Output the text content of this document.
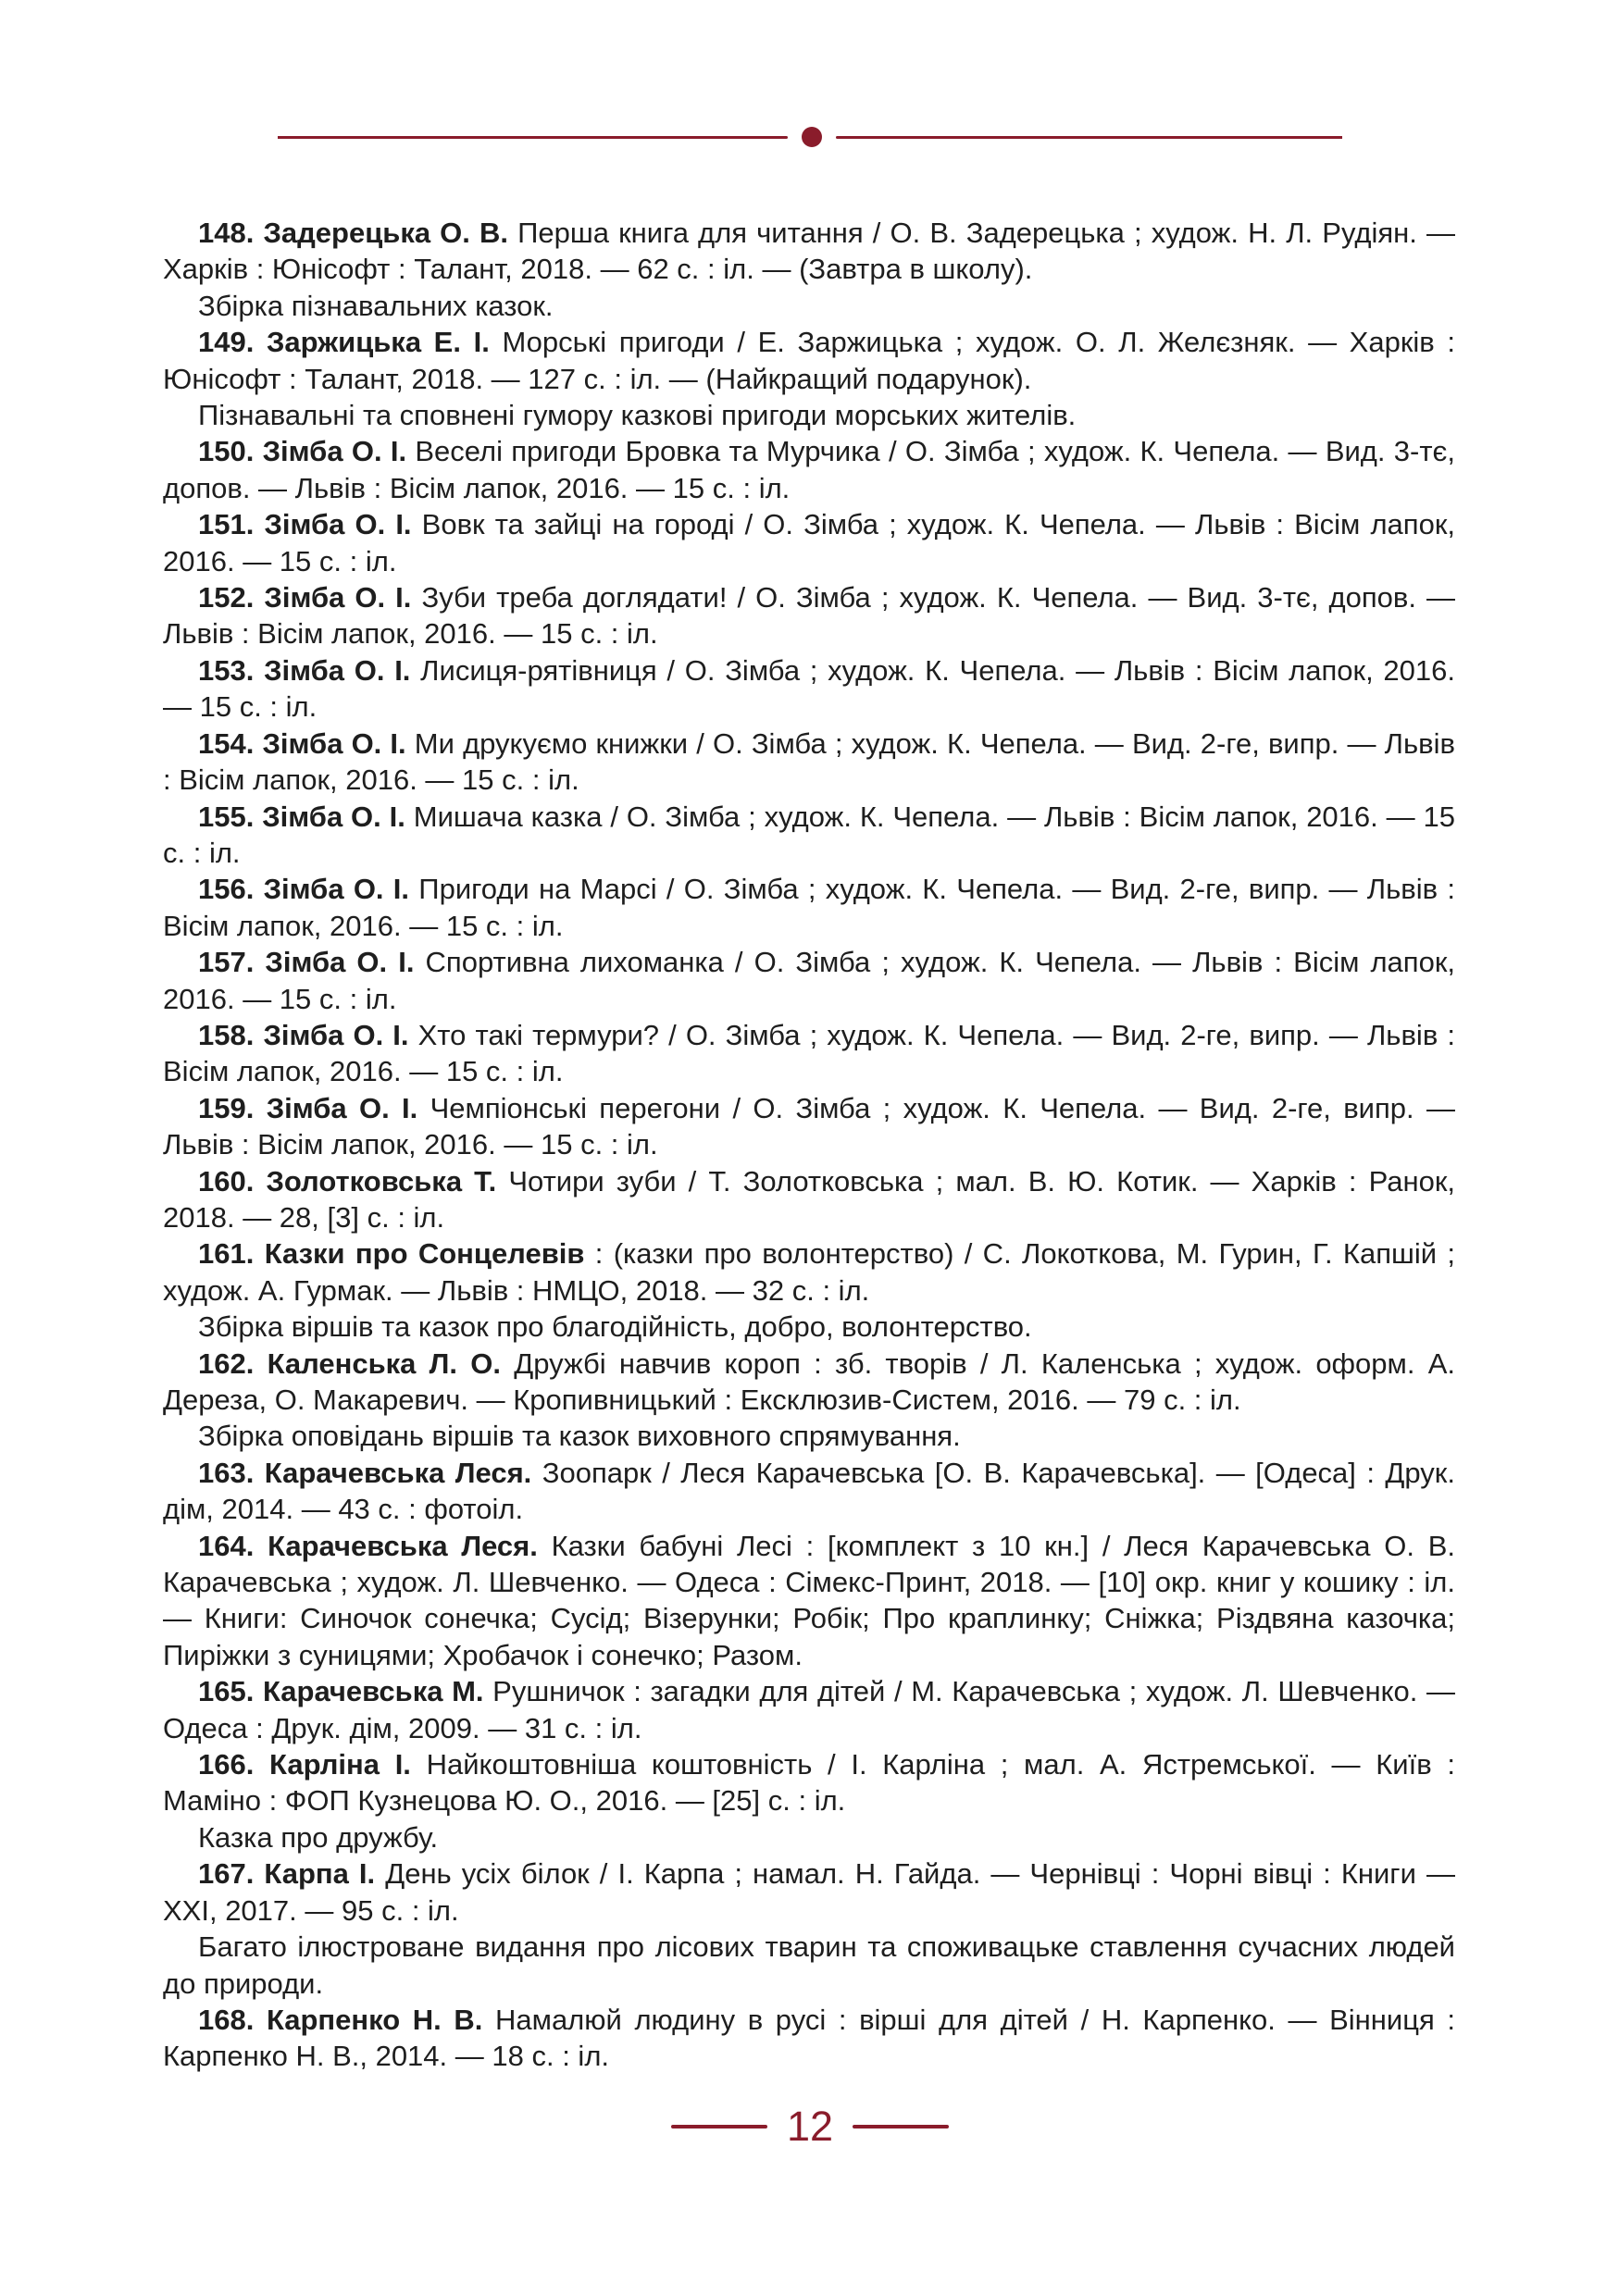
148. Задерецька О. В. Перша книга для читання / О. В. Задерецька ; худож. Н. Л. Рудіян. — Харків : Юнісофт : Талант, 2018. — 62 с. : іл. — (Завтра в школу).

Збірка пізнавальних казок.

149. Заржицька Е. І. Морські пригоди / Е. Заржицька ; худож. О. Л. Желєзняк. — Харків : Юнісофт : Талант, 2018. — 127 с. : іл. — (Найкращий подарунок).

Пізнавальні та сповнені гумору казкові пригоди морських жителів.

150. Зімба О. І. Веселі пригоди Бровка та Мурчика / О. Зімба ; худож. К. Чепела. — Вид. 3-тє, допов. — Львів : Вісім лапок, 2016. — 15 с. : іл.

151. Зімба О. І. Вовк та зайці на городі / О. Зімба ; худож. К. Чепела. — Львів : Вісім лапок, 2016. — 15 с. : іл.

152. Зімба О. І. Зуби треба доглядати! / О. Зімба ; худож. К. Чепела. — Вид. 3-тє, допов. — Львів : Вісім лапок, 2016. — 15 с. : іл.

153. Зімба О. І. Лисиця-рятівниця / О. Зімба ; худож. К. Чепела. — Львів : Вісім лапок, 2016. — 15 с. : іл.

154. Зімба О. І. Ми друкуємо книжки / О. Зімба ; худож. К. Чепела. — Вид. 2-ге, випр. — Львів : Вісім лапок, 2016. — 15 с. : іл.

155. Зімба О. І. Мишача казка / О. Зімба ; худож. К. Чепела. — Львів : Вісім лапок, 2016. — 15 с. : іл.

156. Зімба О. І. Пригоди на Марсі / О. Зімба ; худож. К. Чепела. — Вид. 2-ге, випр. — Львів : Вісім лапок, 2016. — 15 с. : іл.

157. Зімба О. І. Спортивна лихоманка / О. Зімба ; худож. К. Чепела. — Львів : Вісім лапок, 2016. — 15 с. : іл.

158. Зімба О. І. Хто такі термури? / О. Зімба ; худож. К. Чепела. — Вид. 2-ге, випр. — Львів : Вісім лапок, 2016. — 15 с. : іл.

159. Зімба О. І. Чемпіонські перегони / О. Зімба ; худож. К. Чепела. — Вид. 2-ге, випр. — Львів : Вісім лапок, 2016. — 15 с. : іл.

160. Золотковська Т. Чотири зуби / Т. Золотковська ; мал. В. Ю. Котик. — Харків : Ранок, 2018. — 28, [3] с. : іл.

161. Казки про Сонцелевів : (казки про волонтерство) / С. Локоткова, М. Гурин, Г. Капшій ; худож. А. Гурмак. — Львів : НМЦО, 2018. — 32 с. : іл.

Збірка віршів та казок про благодійність, добро, волонтерство.

162. Каленська Л. О. Дружбі навчив короп : зб. творів / Л. Каленська ; худож. оформ. А. Дереза, О. Макаревич. — Кропивницький : Ексклюзив-Систем, 2016. — 79 с. : іл.

Збірка оповідань віршів та казок виховного спрямування.

163. Карачевська Леся. Зоопарк / Леся Карачевська [О. В. Карачевська]. — [Одеса] : Друк. дім, 2014. — 43 с. : фотоіл.

164. Карачевська Леся. Казки бабуні Лесі : [комплект з 10 кн.] / Леся Карачевська О. В. Карачевська ; худож. Л. Шевченко. — Одеса : Сімекс-Принт, 2018. — [10] окр. книг у кошику : іл. — Книги: Синочок сонечка; Сусід; Візерунки; Робік; Про краплинку; Сніжка; Різдвяна казочка; Пиріжки з суницями; Хробачок і сонечко; Разом.

165. Карачевська М. Рушничок : загадки для дітей / М. Карачевська ; худож. Л. Шевченко. — Одеса : Друк. дім, 2009. — 31 с. : іл.

166. Карліна І. Найкоштовніша коштовність / І. Карліна ; мал. А. Ястремської. — Київ : Маміно : ФОП Кузнецова Ю. О., 2016. — [25] с. : іл.

Казка про дружбу.

167. Карпа І. День усіх білок / І. Карпа ; намал. Н. Гайда. — Чернівці : Чорні вівці : Книги — XXI, 2017. — 95 с. : іл.

Багато ілюстроване видання про лісових тварин та споживацьке ставлення сучасних людей до природи.

168. Карпенко Н. В. Намалюй людину в русі : вірші для дітей / Н. Карпенко. — Вінниця : Карпенко Н. В., 2014. — 18 с. : іл.

12
